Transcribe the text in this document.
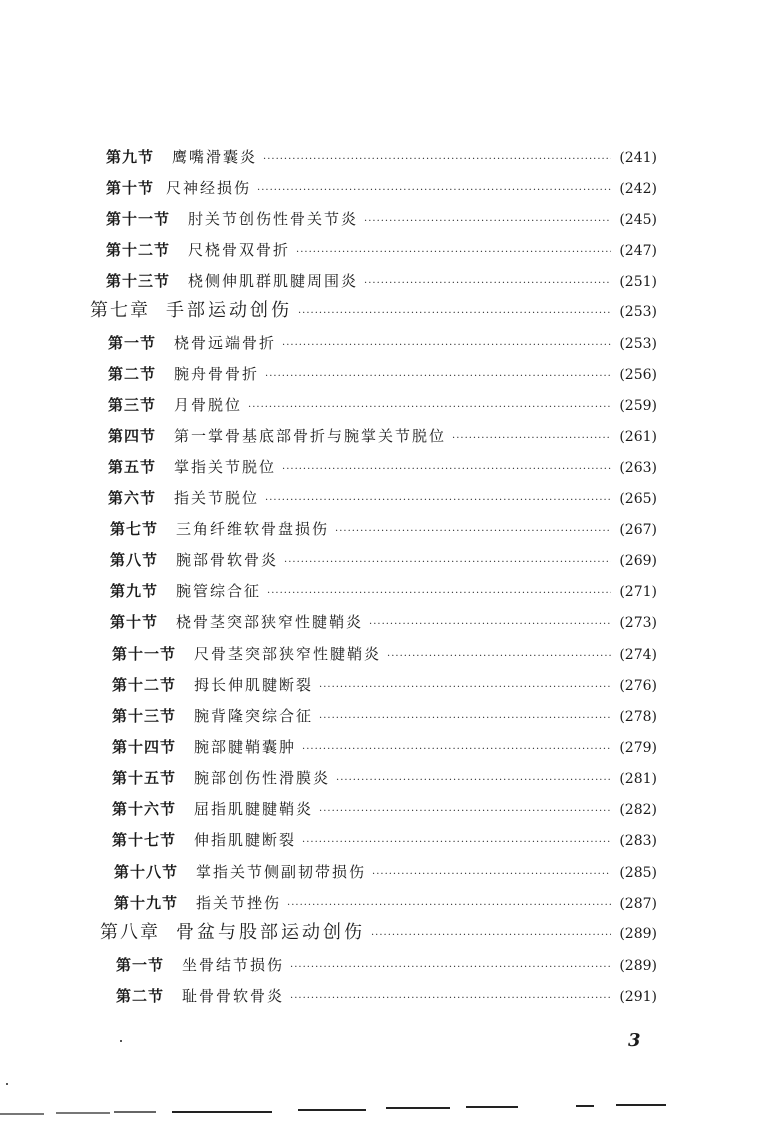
第九节 鹰嘴滑囊炎 ·····	(241)
第十节 尺神经损伤 ·····	(242)
第十一节 肘关节创伤性骨关节炎 ·····	(245)
第十二节 尺桡骨双骨折 ·····	(247)
第十三节 桡侧伸肌群肌腱周围炎 ·····	(251)
第七章 手部运动创伤 ·····	(253)
第一节 桡骨远端骨折 ·····	(253)
第二节 腕舟骨骨折 ·····	(256)
第三节 月骨脱位 ·····	(259)
第四节 第一掌骨基底部骨折与腕掌关节脱位 ·····	(261)
第五节 掌指关节脱位 ·····	(263)
第六节 指关节脱位 ·····	(265)
第七节 三角纤维软骨盘损伤 ·····	(267)
第八节 腕部骨软骨炎 ·····	(269)
第九节 腕管综合征 ·····	(271)
第十节 桡骨茎突部狭窄性腱鞘炎 ·····	(273)
第十一节 尺骨茎突部狭窄性腱鞘炎 ·····	(274)
第十二节 拇长伸肌腱断裂 ·····	(276)
第十三节 腕背隆突综合征 ·····	(278)
第十四节 腕部腱鞘囊肿 ·····	(279)
第十五节 腕部创伤性滑膜炎 ·····	(281)
第十六节 屈指肌腱腱鞘炎 ·····	(282)
第十七节 伸指肌腱断裂 ·····	(283)
第十八节 掌指关节侧副韧带损伤 ·····	(285)
第十九节 指关节挫伤 ·····	(287)
第八章 骨盆与股部运动创伤 ·····	(289)
第一节 坐骨结节损伤 ·····	(289)
第二节 耻骨骨软骨炎 ·····	(291)
3
